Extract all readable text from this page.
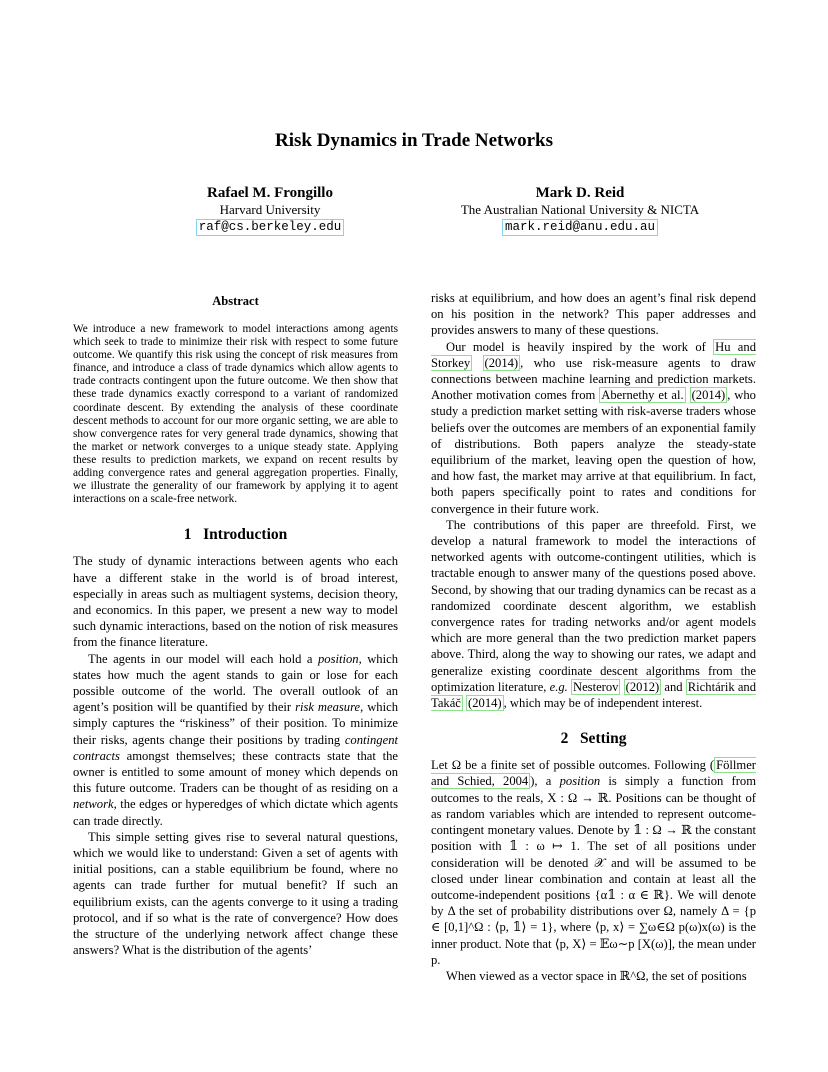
Risk Dynamics in Trade Networks
Rafael M. Frongillo
Harvard University
raf@cs.berkeley.edu
Mark D. Reid
The Australian National University & NICTA
mark.reid@anu.edu.au
Abstract

We introduce a new framework to model interactions among agents which seek to trade to minimize their risk with respect to some future outcome. We quantify this risk using the concept of risk measures from finance, and introduce a class of trade dynamics which allow agents to trade contracts contingent upon the future outcome. We then show that these trade dynamics exactly correspond to a variant of randomized coordinate descent. By extending the analysis of these coordinate descent methods to account for our more organic setting, we are able to show convergence rates for very general trade dynamics, showing that the market or network converges to a unique steady state. Applying these results to prediction markets, we expand on recent results by adding convergence rates and general aggregation properties. Finally, we illustrate the generality of our framework by applying it to agent interactions on a scale-free network.

1   Introduction

The study of dynamic interactions between agents who each have a different stake in the world is of broad interest, especially in areas such as multiagent systems, decision theory, and economics. In this paper, we present a new way to model such dynamic interactions, based on the notion of risk measures from the finance literature.

The agents in our model will each hold a position, which states how much the agent stands to gain or lose for each possible outcome of the world. The overall outlook of an agent’s position will be quantified by their risk measure, which simply captures the “riskiness” of their position. To minimize their risks, agents change their positions by trading contingent contracts amongst themselves; these contracts state that the owner is entitled to some amount of money which depends on this future outcome. Traders can be thought of as residing on a network, the edges or hyperedges of which dictate which agents can trade directly.

This simple setting gives rise to several natural questions, which we would like to understand: Given a set of agents with initial positions, can a stable equilibrium be found, where no agents can trade further for mutual benefit? If such an equilibrium exists, can the agents converge to it using a trading protocol, and if so what is the rate of convergence? How does the structure of the underlying network affect change these answers? What is the distribution of the agents’

risks at equilibrium, and how does an agent’s final risk depend on his position in the network? This paper addresses and provides answers to many of these questions.

Our model is heavily inspired by the work of Hu and Storkey (2014) , who use risk-measure agents to draw connections between machine learning and prediction markets. Another motivation comes from Abernethy et al. (2014) , who study a prediction market setting with risk-averse traders whose beliefs over the outcomes are members of an exponential family of distributions. Both papers analyze the steady-state equilibrium of the market, leaving open the question of how, and how fast, the market may arrive at that equilibrium. In fact, both papers specifically point to rates and conditions for convergence in their future work.

The contributions of this paper are threefold. First, we develop a natural framework to model the interactions of networked agents with outcome-contingent utilities, which is tractable enough to answer many of the questions posed above. Second, by showing that our trading dynamics can be recast as a randomized coordinate descent algorithm, we establish convergence rates for trading networks and/or agent models which are more general than the two prediction market papers above. Third, along the way to showing our rates, we adapt and generalize existing coordinate descent algorithms from the optimization literature, e.g. Nesterov (2012) and Richtárik and Takáč (2014) , which may be of independent interest.

2   Setting

Let Ω be a finite set of possible outcomes. Following ( Föllmer and Schied, 2004 ), a position is simply a function from outcomes to the reals, X : Ω → ℝ. Positions can be thought of as random variables which are intended to represent outcome-contingent monetary values. Denote by 𝟙 : Ω → ℝ the constant position with 𝟙 : ω ↦ 1. The set of all positions under consideration will be denoted 𝒳 and will be assumed to be closed under linear combination and contain at least all the outcome-independent positions {α𝟙 : α ∈ ℝ}. We will denote by Δ the set of probability distributions over Ω, namely Δ = {p ∈ [0,1]^Ω : ⟨p, 𝟙⟩ = 1}, where ⟨p, x⟩ = ∑ω∈Ω p(ω)x(ω) is the inner product. Note that ⟨p, X⟩ = 𝔼ω∼p [X(ω)], the mean under p.

When viewed as a vector space in ℝ^Ω, the set of positions
